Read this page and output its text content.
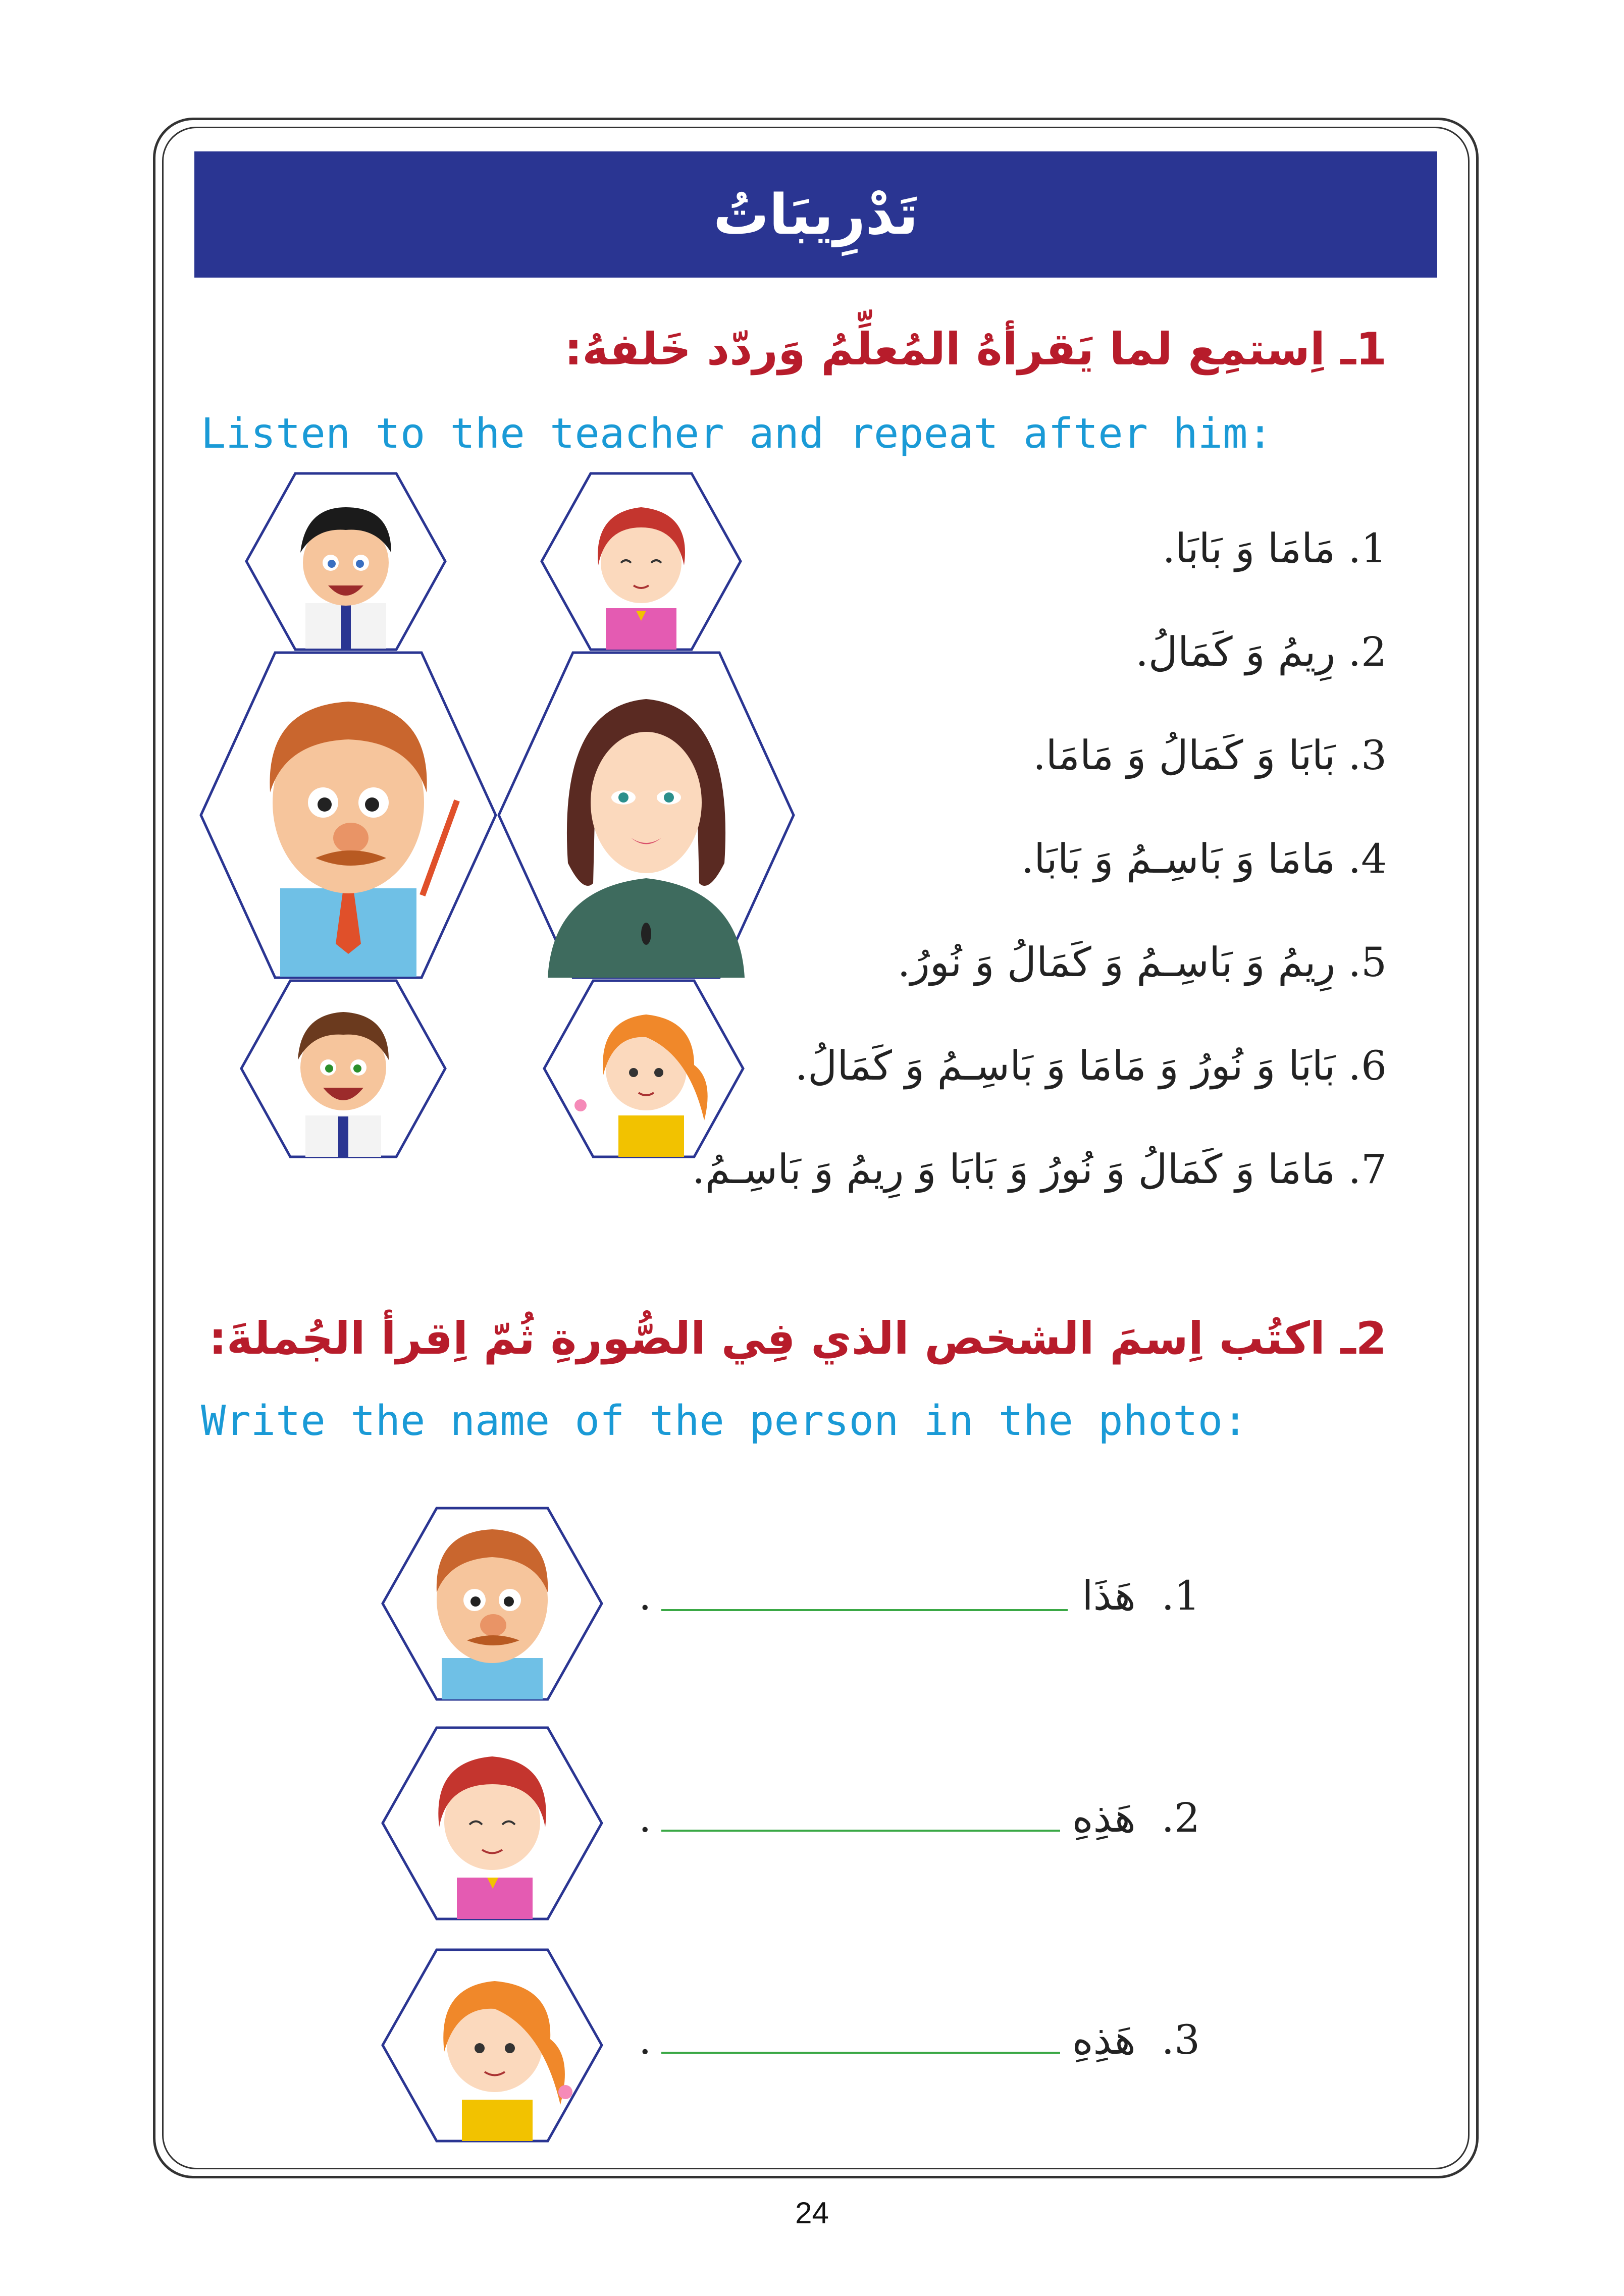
تَدْرِيبَاتُ
1ـ اِستمِع لما يَقرأهُ المُعلِّمُ وَردّد خَلفهُ:
Listen to the teacher and repeat after him:
1. مَامَا وَ بَابَا.
2. رِيمُ وَ كَمَالُ.
3. بَابَا وَ كَمَالُ وَ مَامَا.
4. مَامَا وَ بَاسِـمُ وَ بَابَا.
5. رِيمُ وَ بَاسِـمُ وَ كَمَالُ وَ نُورُ.
6. بَابَا وَ نُورُ وَ مَامَا وَ بَاسِـمُ وَ كَمَالُ.
7. مَامَا وَ كَمَالُ وَ نُورُ وَ بَابَا وَ رِيمُ وَ بَاسِـمُ.
2ـ اكتُب اِسمَ الشخص الذي فِي الصُّورةِ ثُمّ اِقرأ الجُملةَ:
Write the name of the person in the photo:
1.  هَذَا
.
2.  هَذِهِ
.
3.  هَذِهِ
.
24
